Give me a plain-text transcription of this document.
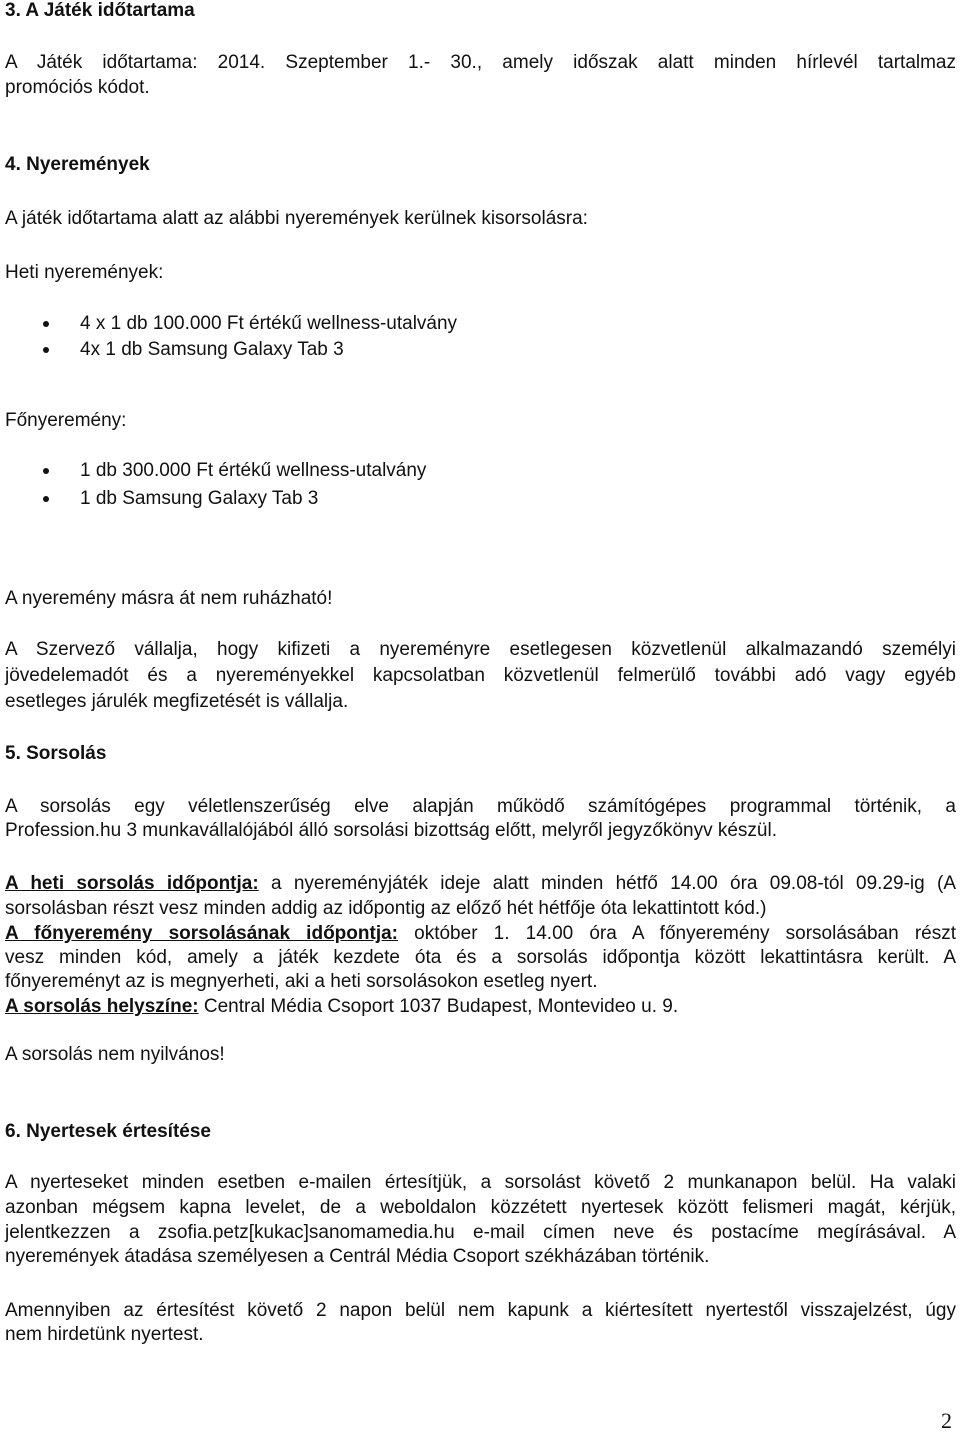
3. A Játék időtartama
A Játék időtartama: 2014. Szeptember 1.- 30., amely időszak alatt minden hírlevél tartalmaz
promóciós kódot.
4. Nyeremények
A játék időtartama alatt az alábbi nyeremények kerülnek kisorsolásra:
Heti nyeremények:
4 x 1 db 100.000 Ft értékű wellness-utalvány
4x 1 db Samsung Galaxy Tab 3
Főnyeremény:
1 db 300.000 Ft értékű wellness-utalvány
1 db Samsung Galaxy Tab 3
A nyeremény másra át nem ruházható!
A Szervező vállalja, hogy kifizeti a nyereményre esetlegesen közvetlenül alkalmazandó személyi
jövedelemadót és a nyereményekkel kapcsolatban közvetlenül felmerülő további adó vagy egyéb
esetleges járulék megfizetését is vállalja.
5. Sorsolás
A sorsolás egy véletlenszerűség elve alapján működő számítógépes programmal történik, a
Profession.hu 3 munkavállalójából álló sorsolási bizottság előtt, melyről jegyzőkönyv készül.
A heti sorsolás időpontja: a nyereményjáték ideje alatt minden hétfő 14.00 óra 09.08-tól 09.29-ig (A
sorsolásban részt vesz minden addig az időpontig az előző hét hétfője óta lekattintott kód.)
A főnyeremény sorsolásának időpontja: október 1. 14.00 óra A főnyeremény sorsolásában részt
vesz minden kód, amely a játék kezdete óta és a sorsolás időpontja között lekattintásra került. A
főnyereményt az is megnyerheti, aki a heti sorsolásokon esetleg nyert.
A sorsolás helyszíne: Central Média Csoport 1037 Budapest, Montevideo u. 9.
A sorsolás nem nyilvános!
6. Nyertesek értesítése
A nyerteseket minden esetben e-mailen értesítjük, a sorsolást követő 2 munkanapon belül. Ha valaki
azonban mégsem kapna levelet, de a weboldalon közzétett nyertesek között felismeri magát, kérjük,
jelentkezzen a zsofia.petz[kukac]sanomamedia.hu e-mail címen neve és postacíme megírásával. A
nyeremények átadása személyesen a Centrál Média Csoport székházában történik.
Amennyiben az értesítést követő 2 napon belül nem kapunk a kiértesített nyertestől visszajelzést, úgy
nem hirdetünk nyertest.
2
